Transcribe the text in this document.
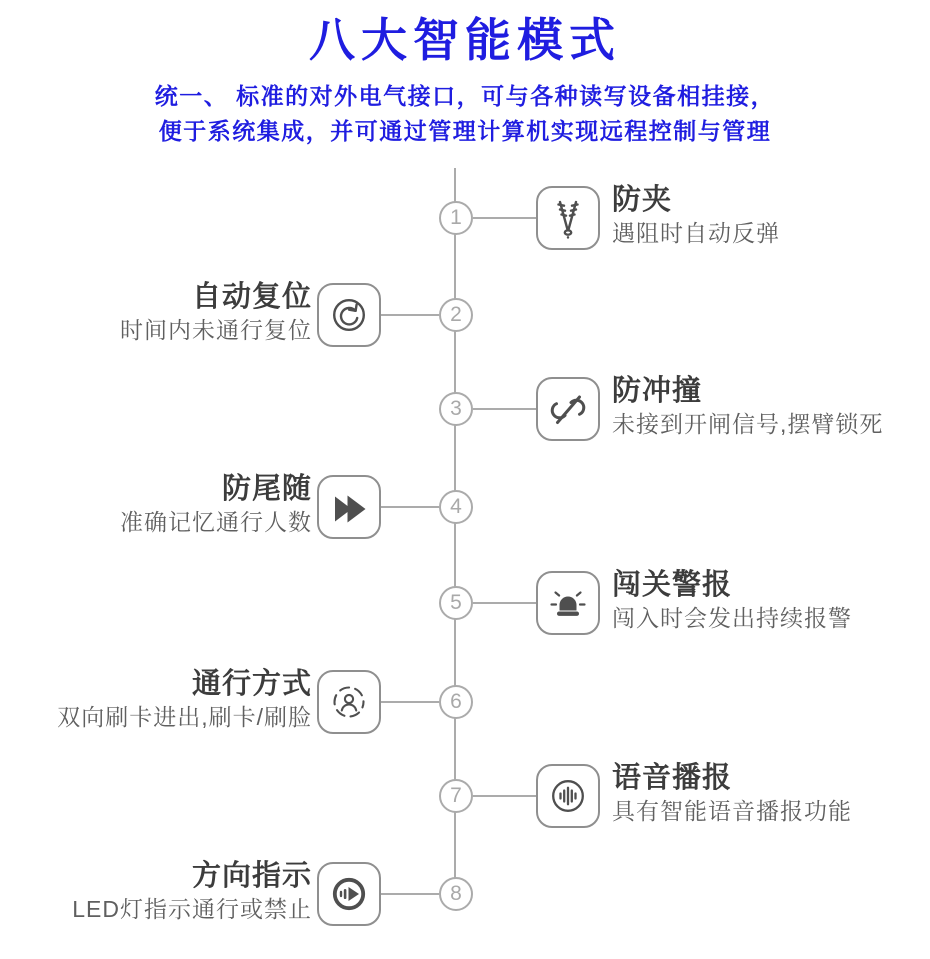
八大智能模式
统一、 标准的对外电气接口，可与各种读写设备相挂接，
便于系统集成，并可通过管理计算机实现远程控制与管理
1
防夹
遇阻时自动反弹
2
自动复位
时间内未通行复位
3
防冲撞
未接到开闸信号,摆臂锁死
4
防尾随
准确记忆通行人数
5
闯关警报
闯入时会发出持续报警
6
通行方式
双向刷卡进出,刷卡/刷脸
7
语音播报
具有智能语音播报功能
8
方向指示
LED灯指示通行或禁止
